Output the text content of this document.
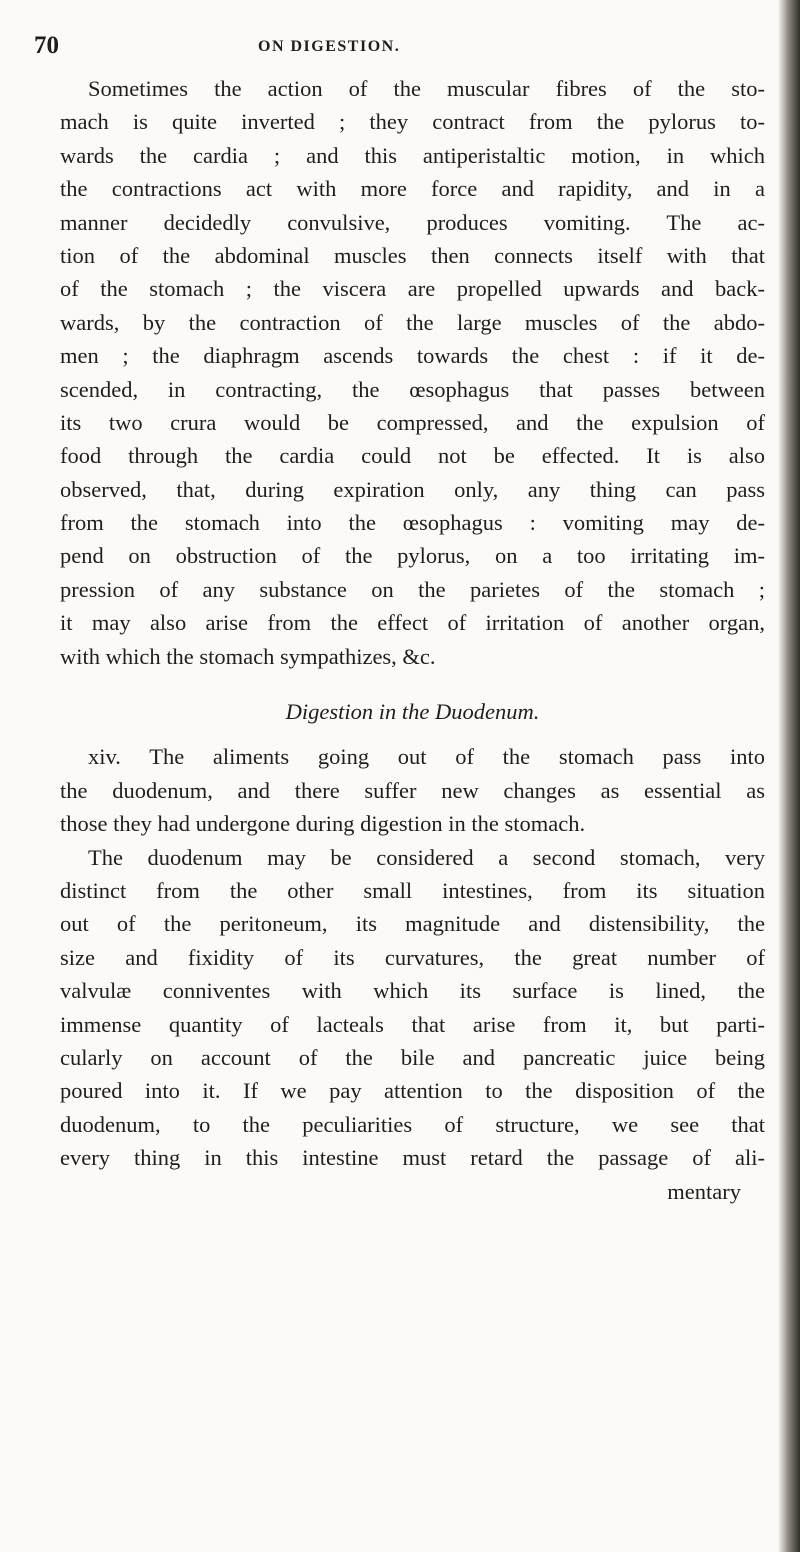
70	ON DIGESTION.
Sometimes the action of the muscular fibres of the sto-
mach is quite inverted ; they contract from the pylorus to-
wards the cardia ; and this antiperistaltic motion, in which
the contractions act with more force and rapidity, and in a
manner decidedly convulsive, produces vomiting. The ac-
tion of the abdominal muscles then connects itself with that
of the stomach ; the viscera are propelled upwards and back-
wards, by the contraction of the large muscles of the abdo-
men ; the diaphragm ascends towards the chest : if it de-
scended, in contracting, the œsophagus that passes between
its two crura would be compressed, and the expulsion of
food through the cardia could not be effected. It is also
observed, that, during expiration only, any thing can pass
from the stomach into the œsophagus : vomiting may de-
pend on obstruction of the pylorus, on a too irritating im-
pression of any substance on the parietes of the stomach ;
it may also arise from the effect of irritation of another organ,
with which the stomach sympathizes, &c.
Digestion in the Duodenum.
xiv. The aliments going out of the stomach pass into
the duodenum, and there suffer new changes as essential as
those they had undergone during digestion in the stomach.
The duodenum may be considered a second stomach, very
distinct from the other small intestines, from its situation
out of the peritoneum, its magnitude and distensibility, the
size and fixidity of its curvatures, the great number of
valvulæ conniventes with which its surface is lined, the
immense quantity of lacteals that arise from it, but parti-
cularly on account of the bile and pancreatic juice being
poured into it. If we pay attention to the disposition of the
duodenum, to the peculiarities of structure, we see that
every thing in this intestine must retard the passage of ali-
mentary
